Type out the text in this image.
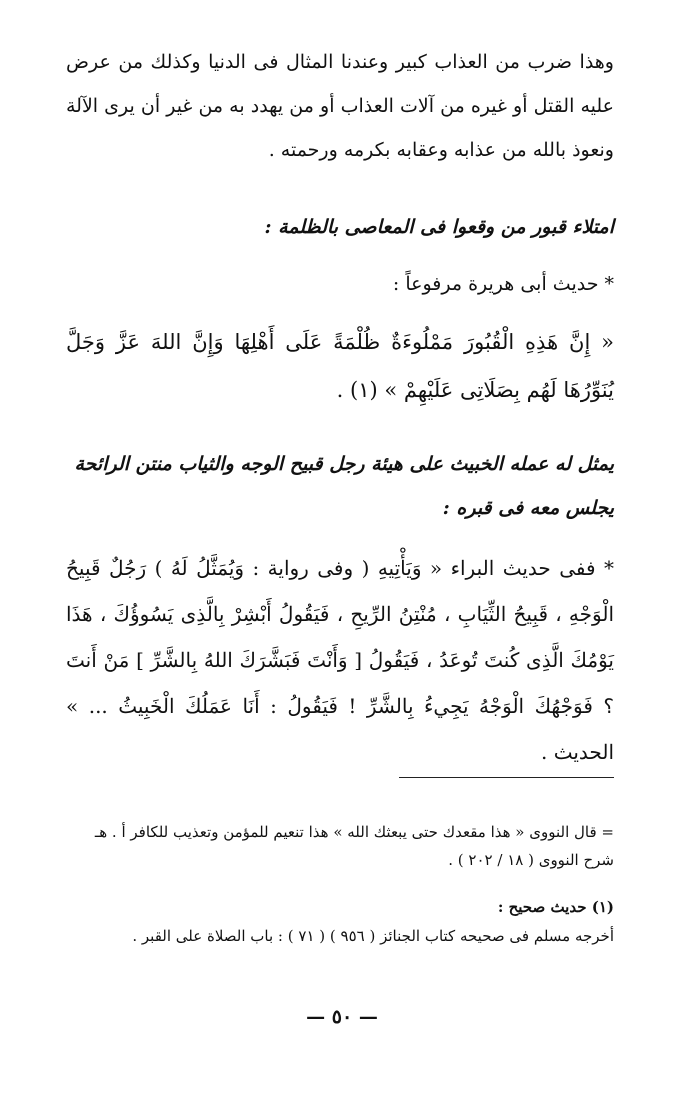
وهذا ضرب من العذاب كبير وعندنا المثال فى الدنيا وكذلك من عرض عليه القتل أو غيره من آلات العذاب أو من يهدد به من غير أن يرى الآلة ونعوذ بالله من عذابه وعقابه بكرمه ورحمته .

امتلاء قبور من وقعوا فى المعاصى بالظلمة :

* حديث أبى هريرة مرفوعاً :

« إِنَّ هَذِهِ الْقُبُورَ مَمْلُوءَةٌ ظُلْمَةً عَلَى أَهْلِهَا وَإِنَّ اللهَ عَزَّ وَجَلَّ يُنَوِّرُهَا لَهُم بِصَلَاتِى عَلَيْهِمْ » (١) .

يمثل له عمله الخبيث على هيئة رجل قبيح الوجه والثياب منتن الرائحة يجلس معه فى قبره :

* ففى حديث البراء « وَيَأْتِيهِ ( وفى رواية : وَيُمَثَّلُ لَهُ ) رَجُلٌ قَبِيحُ الْوَجْهِ ، قَبِيحُ الثِّيَابِ ، مُنْتِنُ الرِّيحِ ، فَيَقُولُ أَبْشِرْ بِالَّذِى يَسُوؤُكَ ، هَذَا يَوْمُكَ الَّذِى كُنتَ تُوعَدُ ، فَيَقُولُ [ وَأَنْتَ فَبَشَّرَكَ اللهُ بِالشَّرِّ ] مَنْ أَنتَ ؟ فَوَجْهُكَ الْوَجْهُ يَجِيءُ بِالشَّرِّ ! فَيَقُولُ : أَنَا عَمَلُكَ الْخَبِيثُ ... » الحديث .

= قال النووى « هذا مقعدك حتى يبعثك الله » هذا تنعيم للمؤمن وتعذيب للكافر أ . هـ شرح النووى ( ١٨ / ٢٠٢ ) .

(١) حديث صحيح :

أخرجه مسلم فى صحيحه كتاب الجنائز ( ٩٥٦ ) ( ٧١ ) : باب الصلاة على القبر .

— ٥٠ —
